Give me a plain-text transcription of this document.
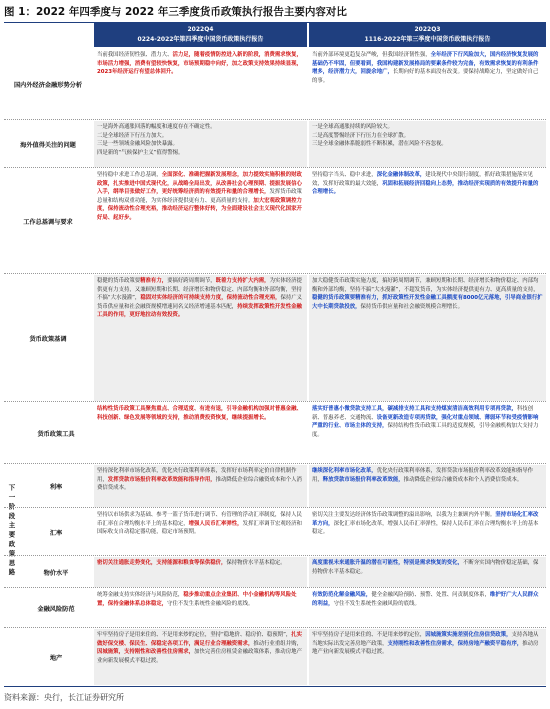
图 1：2022 年四季度与 2022 年三季度货币政策执行报告主要内容对比
2022Q4
0224-2022年第四季度中国货币政策执行报告
2022Q3
1116-2022年第三季度中国货币政策执行报告
国内外经济金融形势分析
当前我国经济韧性强、潜力大、活力足，随着疫情防控进入新的阶段，消费需求恢复，市场活力增强，消费有望较快恢复，市场预期稳中向好，加之政策支持效果持续显现，2023年经济运行有望总体回升。
当前外部环境更趋复杂严峻，但我国经济韧性强，全年经济下行风险加大，国内经济恢复发展的基础仍不牢固，但要看到，我国构建新发展格局的要素条件较为完备，有效需求恢复的有利条件增多，经济潜力大，回旋余地广，长期向好的基本面没有改变。要保持战略定力，坚定做好自己的事。
海外值得关注的问题
一是海外高通胀回落的幅度和速度存在不确定性。
二是全球经济下行压力加大。
三是一些领域金融风险加快暴露。
四是新的“气候保护主义”值得警惕。
一是全球高通胀持续的风险较大。
二是高度警惕经济下行压力在全球扩散。
三是全球金融体系脆弱性不断积累，潜在风险不容忽视。
工作总基调与要求
坚持稳中求进工作总基调，全面深化、准确把握新发展理念，加力提效实施积极的财政政策，扎实推进中国式现代化，从战略全局出发，从改善社会心理预期、提振发展信心入手，纲举目张做好工作，更好统筹经济质的有效提升和量的合理增长，发挥货币政策总量和结构双重功能，为实体经济提供更有力、更高质量的支持。加大宏观政策调控力度，保持流动性合理充裕，推动经济运行整体好转，为全面建设社会主义现代化国家开好局、起好步。
坚持稳字当头、稳中求进，深化金融体制改革，建设现代中央银行制度，抓好政策措施落实见效，发挥好政策的最大效能，巩固和拓展经济回稳向上态势，推动经济实现质的有效提升和量的合理增长。
货币政策基调
稳健的货币政策要精准有力，要搞好跨周期调节，既着力支持扩大内需，为实体经济提供更有力支持，又兼顾短期和长期、经济增长和物价稳定、内部均衡和外部均衡，坚持不搞“大水漫灌”，稳固对实体经济的可持续支持力度，保持流动性合理充裕，保持广义货币供应量和社会融资规模增速同名义经济增速基本匹配，持续发挥政策性开发性金融工具的作用，更好地拉动有效投资。
加大稳健货币政策实施力度，搞好跨周期调节，兼顾短期和长期、经济增长和物价稳定、内部均衡和外部均衡，坚持不搞“大水漫灌”，不超发货币，为实体经济提供更有力、更高质量的支持，稳健的货币政策要精准有力，抓好政策性开发性金融工具额度有8000亿元落地，引导商业银行扩大中长期贷款投放，保持货币供应量和社会融资规模合理增长。
下一阶段主要政策思路
货币政策工具
结构性货币政策工具聚焦重点、合理适度、有进有退，引导金融机构加强对普惠金融、科技创新、绿色发展等领域的支持，推动消费投资恢复，继续提振增长。
落实好普惠小微贷款支持工具，碳减排支持工具和支持煤炭清洁高效利用专项再贷款，科技创新、普惠养老、交通物流、设备更新改造专项再贷款，强化对重点领域、薄弱环节和受疫情影响严重的行业、市场主体的支持，保持结构性货币政策工具的适度规模，引导金融机构加大支持力度。
利率
坚持深化利率市场化改革，优化央行政策利率体系，发挥好市场利率定价自律机制作用，发挥贷款市场报价利率改革效能和指导作用，推动降低企业综合融资成本和个人消费信贷成本。
继续深化利率市场化改革，优化央行政策利率体系，发挥贷款市场报价利率改革效能和指导作用，释放贷款市场报价利率改革效能，推动降低企业综合融资成本和个人消费信贷成本。
汇率
坚持以市场供求为基础、参考一篮子货币进行调节、有管理的浮动汇率制度，保持人民币汇率在合理均衡水平上的基本稳定，增强人民币汇率弹性，发挥汇率调节宏观经济和国际收支自动稳定器功能，稳定市场预期。
密切关注主要发达经济体货币政策调整的溢出影响，以我为主兼顾内外平衡。坚持市场化汇率改革方向，深化汇率市场化改革，增强人民币汇率弹性，保持人民币汇率在合理均衡水平上的基本稳定。
物价水平
密切关注通胀走势变化，支持能源和粮食等保供稳价，保持物价水平基本稳定。	高度重视未来通胀升温的潜在可能性，特别是需求恢复的变化，不断夯实国内物价稳定基础，保持物价水平基本稳定。
金融风险防范
统筹金融支持实体经济与风险防范，稳步推动重点企业集团、中小金融机构等风险处置，保持金融体系总体稳定，守住不发生系统性金融风险的底线。
有效防范化解金融风险，健全金融风险预防、预警、处置、问责制度体系，维护好广大人民群众的利益，守住不发生系统性金融风险的底线。
地产
牢牢坚持房子是用来住的、不是用来炒的定位，坚持“稳地价、稳房价、稳预期”，扎实做好保交楼、保民生、保稳定各项工作，满足行业合理融资需求，推动行业重组并购，因城施策，支持刚性和改善性住房需求，加快完善住房租赁金融政策体系，推动房地产业向新发展模式平稳过渡。
牢牢坚持房子是用来住的、不是用来炒的定位，因城施策实施差别化住房信贷政策，支持各地从当地实际出发完善房地产政策，支持刚性和改善性住房需求，保持房地产融资平稳有序，推动房地产业向新发展模式平稳过渡。
资料来源：央行，长江证券研究所
